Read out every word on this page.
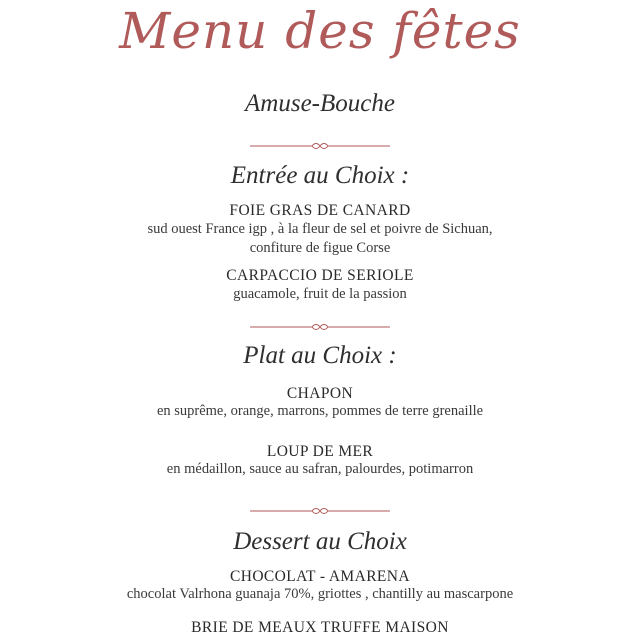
Menu des fêtes
Amuse-Bouche
Entrée au Choix :
FOIE GRAS DE CANARD
sud ouest France igp , à la fleur de sel et poivre de Sichuan,
confiture de figue Corse
CARPACCIO DE SERIOLE
guacamole, fruit de la passion
Plat au Choix :
CHAPON
en suprême, orange, marrons, pommes de terre grenaille
LOUP DE MER
en médaillon, sauce au safran, palourdes, potimarron
Dessert au Choix
CHOCOLAT - AMARENA
chocolat Valrhona guanaja 70%, griottes , chantilly au mascarpone
BRIE DE MEAUX TRUFFE MAISON
